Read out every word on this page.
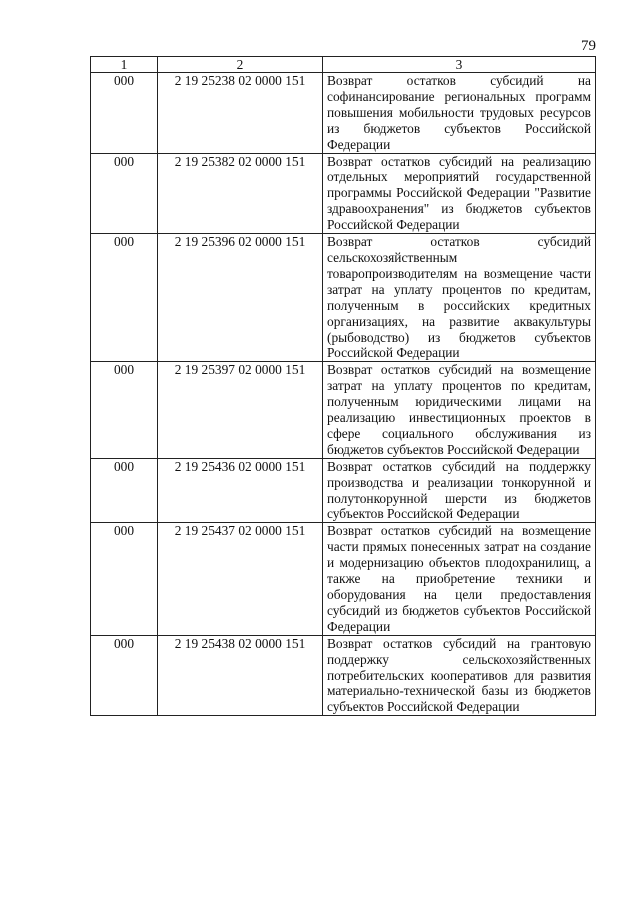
79
1	2	3
000	2 19 25238 02 0000 151	Возврат остатков субсидий на софинансирование региональных программ повышения мобильности трудовых ресурсов из бюджетов субъектов Российской Федерации
000	2 19 25382 02 0000 151	Возврат остатков субсидий на реализацию отдельных мероприятий государственной программы Российской Федерации "Развитие здравоохранения" из бюджетов субъектов Российской Федерации
000	2 19 25396 02 0000 151	Возврат остатков субсидий сельскохозяйственным товаропроизводителям на возмещение части затрат на уплату процентов по кредитам, полученным в российских кредитных организациях, на развитие аквакультуры (рыбоводство) из бюджетов субъектов Российской Федерации
000	2 19 25397 02 0000 151	Возврат остатков субсидий на возмещение затрат на уплату процентов по кредитам, полученным юридическими лицами на реализацию инвестиционных проектов в сфере социального обслуживания из бюджетов субъектов Российской Федерации
000	2 19 25436 02 0000 151	Возврат остатков субсидий на поддержку производства и реализации тонкорунной и полутонкорунной шерсти из бюджетов субъектов Российской Федерации
000	2 19 25437 02 0000 151	Возврат остатков субсидий на возмещение части прямых понесенных затрат на создание и модернизацию объектов плодохранилищ, а также на приобретение техники и оборудования на цели предоставления субсидий из бюджетов субъектов Российской Федерации
000	2 19 25438 02 0000 151	Возврат остатков субсидий на грантовую поддержку сельскохозяйственных потребительских кооперативов для развития материально-технической базы из бюджетов субъектов Российской Федерации
